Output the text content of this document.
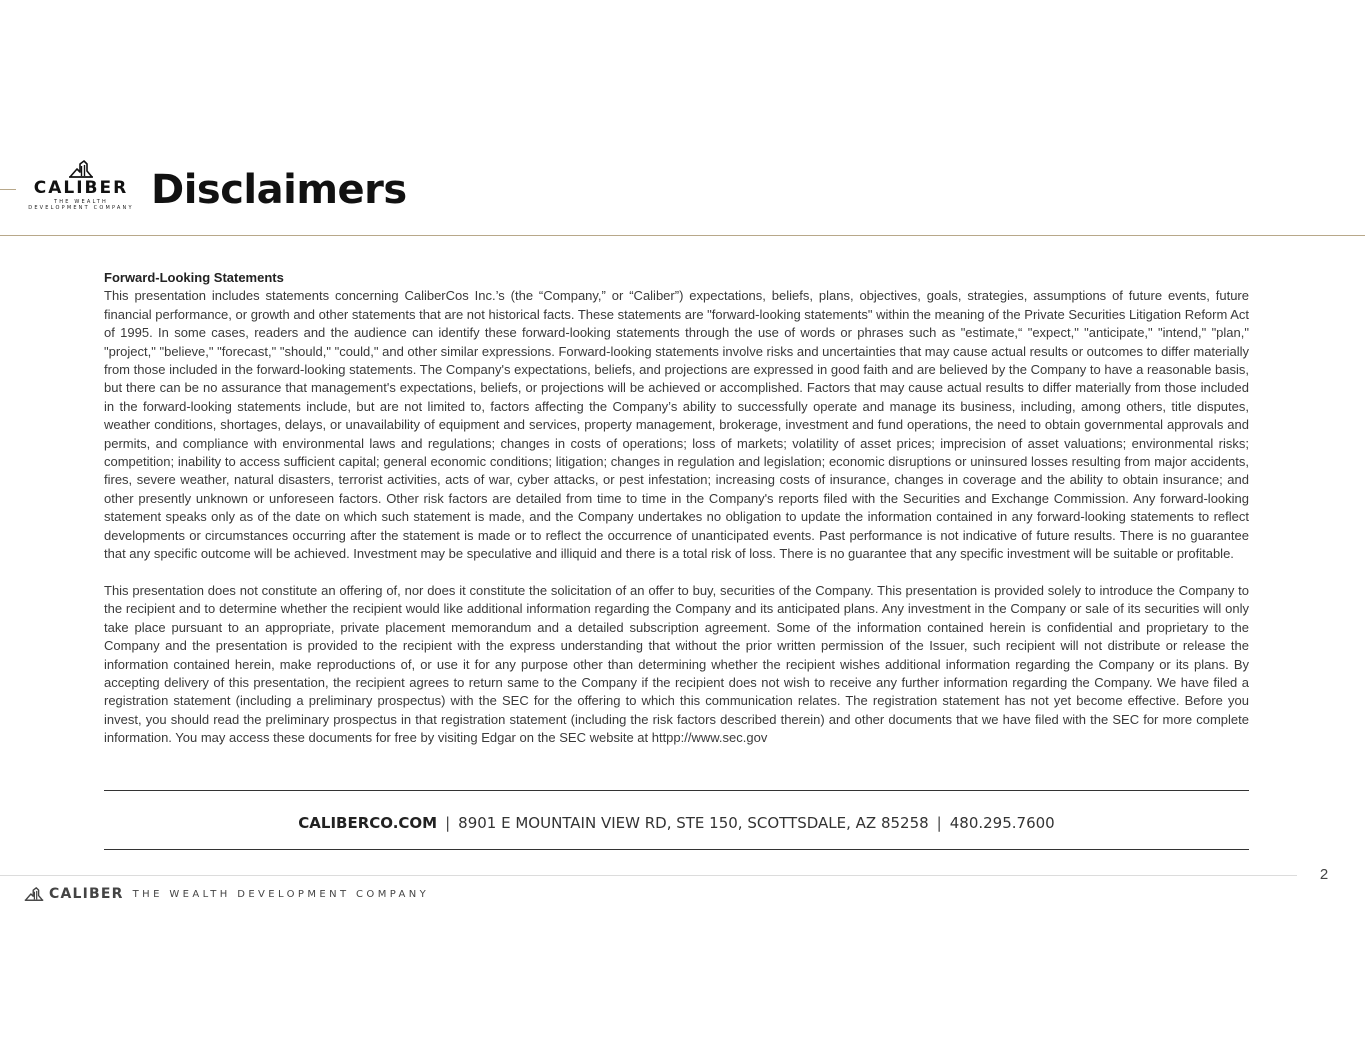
CALIBER
THE WEALTH DEVELOPMENT COMPANY Disclaimers
Forward-Looking Statements

This presentation includes statements concerning CaliberCos Inc.’s (the “Company,” or “Caliber”) expectations, beliefs, plans, objectives, goals, strategies, assumptions of future events, future financial performance, or growth and other statements that are not historical facts. These statements are "forward-looking statements" within the meaning of the Private Securities Litigation Reform Act of 1995. In some cases, readers and the audience can identify these forward-looking statements through the use of words or phrases such as "estimate,“ "expect," "anticipate," "intend," "plan," "project," "believe," "forecast," "should," "could," and other similar expressions. Forward-looking statements involve risks and uncertainties that may cause actual results or outcomes to differ materially from those included in the forward-looking statements. The Company's expectations, beliefs, and projections are expressed in good faith and are believed by the Company to have a reasonable basis, but there can be no assurance that management's expectations, beliefs, or projections will be achieved or accomplished. Factors that may cause actual results to differ materially from those included in the forward-looking statements include, but are not limited to, factors affecting the Company’s ability to successfully operate and manage its business, including, among others, title disputes, weather conditions, shortages, delays, or unavailability of equipment and services, property management, brokerage, investment and fund operations, the need to obtain governmental approvals and permits, and compliance with environmental laws and regulations; changes in costs of operations; loss of markets; volatility of asset prices; imprecision of asset valuations; environmental risks; competition; inability to access sufficient capital; general economic conditions; litigation; changes in regulation and legislation; economic disruptions or uninsured losses resulting from major accidents, fires, severe weather, natural disasters, terrorist activities, acts of war, cyber attacks, or pest infestation; increasing costs of insurance, changes in coverage and the ability to obtain insurance; and other presently unknown or unforeseen factors. Other risk factors are detailed from time to time in the Company's reports filed with the Securities and Exchange Commission. Any forward-looking statement speaks only as of the date on which such statement is made, and the Company undertakes no obligation to update the information contained in any forward-looking statements to reflect developments or circumstances occurring after the statement is made or to reflect the occurrence of unanticipated events. Past performance is not indicative of future results. There is no guarantee that any specific outcome will be achieved. Investment may be speculative and illiquid and there is a total risk of loss. There is no guarantee that any specific investment will be suitable or profitable.

This presentation does not constitute an offering of, nor does it constitute the solicitation of an offer to buy, securities of the Company. This presentation is provided solely to introduce the Company to the recipient and to determine whether the recipient would like additional information regarding the Company and its anticipated plans. Any investment in the Company or sale of its securities will only take place pursuant to an appropriate, private placement memorandum and a detailed subscription agreement. Some of the information contained herein is confidential and proprietary to the Company and the presentation is provided to the recipient with the express understanding that without the prior written permission of the Issuer, such recipient will not distribute or release the information contained herein, make reproductions of, or use it for any purpose other than determining whether the recipient wishes additional information regarding the Company or its plans. By accepting delivery of this presentation, the recipient agrees to return same to the Company if the recipient does not wish to receive any further information regarding the Company. We have filed a registration statement (including a preliminary prospectus) with the SEC for the offering to which this communication relates. The registration statement has not yet become effective. Before you invest, you should read the preliminary prospectus in that registration statement (including the risk factors described therein) and other documents that we have filed with the SEC for more complete information. You may access these documents for free by visiting Edgar on the SEC website at httpp://www.sec.gov

CALIBERCO.COM | 8901 E MOUNTAIN VIEW RD, STE 150, SCOTTSDALE, AZ 85258 | 480.295.7600
2
CALIBER THE WEALTH DEVELOPMENT COMPANY
